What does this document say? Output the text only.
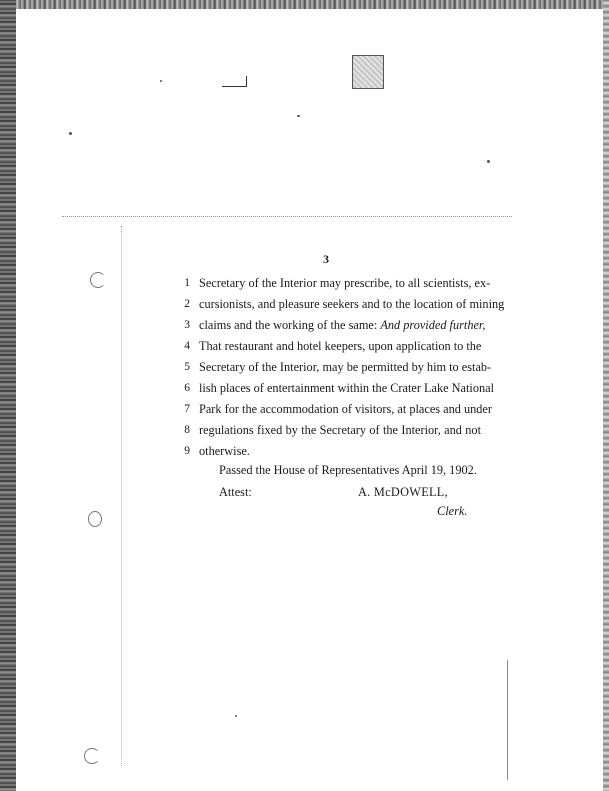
3
1 Secretary of the Interior may prescribe, to all scientists, ex-
2 cursionists, and pleasure seekers and to the location of mining
3 claims and the working of the same: And provided further,
4 That restaurant and hotel keepers, upon application to the
5 Secretary of the Interior, may be permitted by him to estab-
6 lish places of entertainment within the Crater Lake National
7 Park for the accommodation of visitors, at places and under
8 regulations fixed by the Secretary of the Interior, and not
9 otherwise.
Passed the House of Representatives April 19, 1902.
Attest:	A. McDOWELL,
Clerk.
